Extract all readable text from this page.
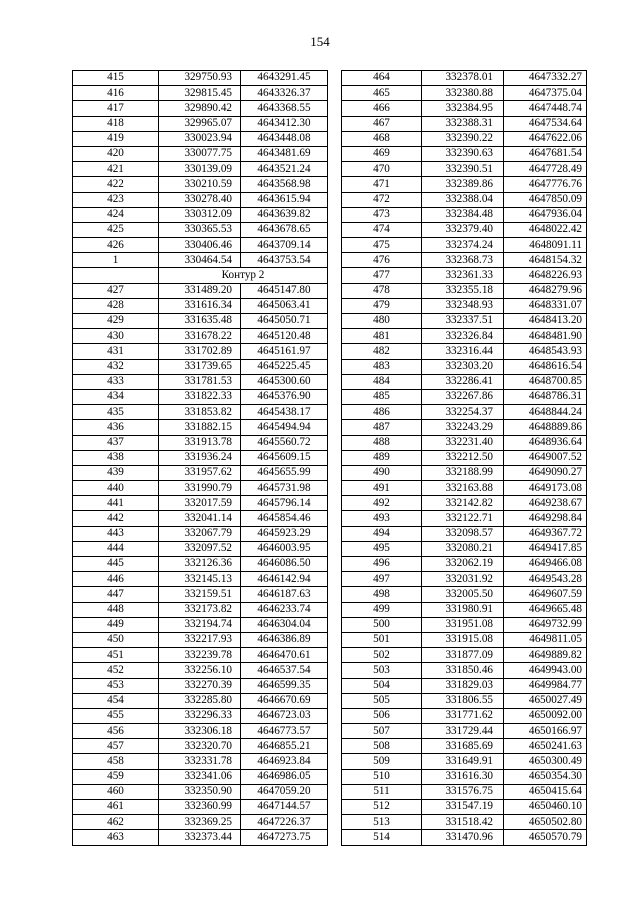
154
415	329750.93	4643291.45
416	329815.45	4643326.37
417	329890.42	4643368.55
418	329965.07	4643412.30
419	330023.94	4643448.08
420	330077.75	4643481.69
421	330139.09	4643521.24
422	330210.59	4643568.98
423	330278.40	4643615.94
424	330312.09	4643639.82
425	330365.53	4643678.65
426	330406.46	4643709.14
1	330464.54	4643753.54
	Контур 2	
427	331489.20	4645147.80
428	331616.34	4645063.41
429	331635.48	4645050.71
430	331678.22	4645120.48
431	331702.89	4645161.97
432	331739.65	4645225.45
433	331781.53	4645300.60
434	331822.33	4645376.90
435	331853.82	4645438.17
436	331882.15	4645494.94
437	331913.78	4645560.72
438	331936.24	4645609.15
439	331957.62	4645655.99
440	331990.79	4645731.98
441	332017.59	4645796.14
442	332041.14	4645854.46
443	332067.79	4645923.29
444	332097.52	4646003.95
445	332126.36	4646086.50
446	332145.13	4646142.94
447	332159.51	4646187.63
448	332173.82	4646233.74
449	332194.74	4646304.04
450	332217.93	4646386.89
451	332239.78	4646470.61
452	332256.10	4646537.54
453	332270.39	4646599.35
454	332285.80	4646670.69
455	332296.33	4646723.03
456	332306.18	4646773.57
457	332320.70	4646855.21
458	332331.78	4646923.84
459	332341.06	4646986.05
460	332350.90	4647059.20
461	332360.99	4647144.57
462	332369.25	4647226.37
463	332373.44	4647273.75
464	332378.01	4647332.27
465	332380.88	4647375.04
466	332384.95	4647448.74
467	332388.31	4647534.64
468	332390.22	4647622.06
469	332390.63	4647681.54
470	332390.51	4647728.49
471	332389.86	4647776.76
472	332388.04	4647850.09
473	332384.48	4647936.04
474	332379.40	4648022.42
475	332374.24	4648091.11
476	332368.73	4648154.32
477	332361.33	4648226.93
478	332355.18	4648279.96
479	332348.93	4648331.07
480	332337.51	4648413.20
481	332326.84	4648481.90
482	332316.44	4648543.93
483	332303.20	4648616.54
484	332286.41	4648700.85
485	332267.86	4648786.31
486	332254.37	4648844.24
487	332243.29	4648889.86
488	332231.40	4648936.64
489	332212.50	4649007.52
490	332188.99	4649090.27
491	332163.88	4649173.08
492	332142.82	4649238.67
493	332122.71	4649298.84
494	332098.57	4649367.72
495	332080.21	4649417.85
496	332062.19	4649466.08
497	332031.92	4649543.28
498	332005.50	4649607.59
499	331980.91	4649665.48
500	331951.08	4649732.99
501	331915.08	4649811.05
502	331877.09	4649889.82
503	331850.46	4649943.00
504	331829.03	4649984.77
505	331806.55	4650027.49
506	331771.62	4650092.00
507	331729.44	4650166.97
508	331685.69	4650241.63
509	331649.91	4650300.49
510	331616.30	4650354.30
511	331576.75	4650415.64
512	331547.19	4650460.10
513	331518.42	4650502.80
514	331470.96	4650570.79
